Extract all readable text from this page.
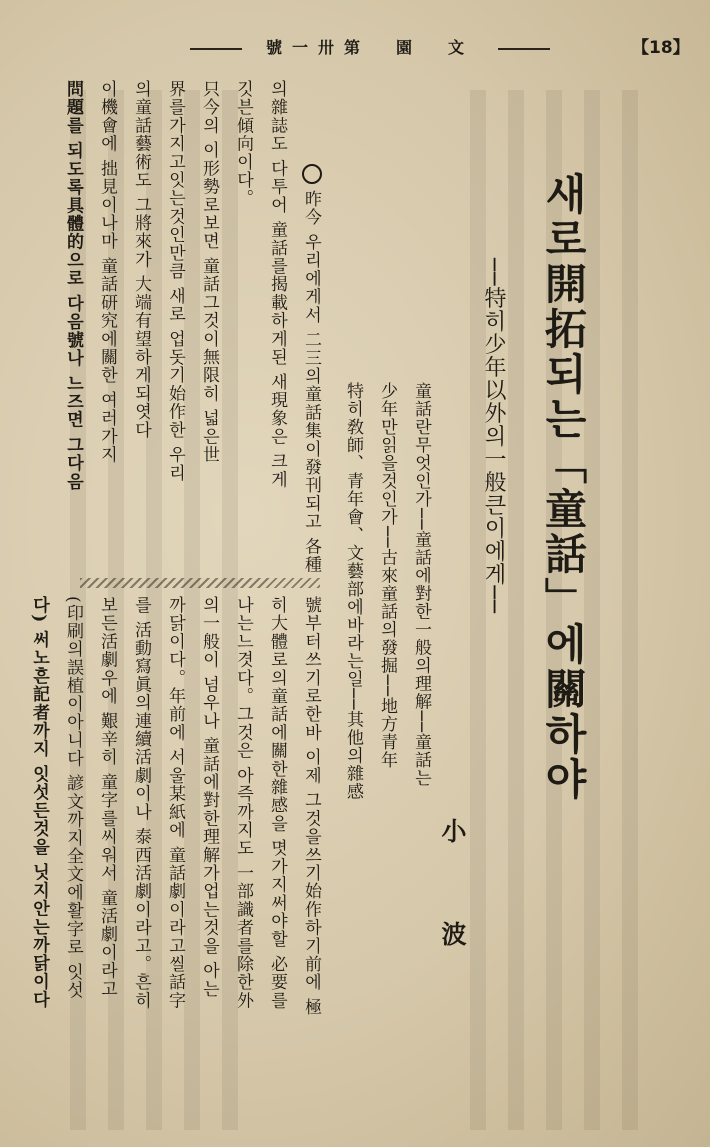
號一卅第　園　文	【18】
새로開拓되는「童話」에關하야
──特히少年以外의一般큰이에게──
童話란무엇인가──童話에對한一般의理解──童話는
少年만읽을것인가──古來童話의發掘──地方青年
特히敎師、青年會、文藝部에바라는일──其他의雜感
小波
昨今 우리에게서 二三의童話集이發刊되고 各種
의雜誌도 다투어 童話를揭載하게된 새現象은 크게
깃븐傾向이다。
只今의 이形勢로보면 童話그것이無限히 넓은世
界를가지고잇는것인만큼 새로 업돗기始作한 우리
의童話藝術도 그將來가 大端有望하게되엿다
이機會에 拙見이나마 童話研究에關한 여러가지
問題를 되도록具體的으로 다음號나 느즈면 그다음
號부터쓰기로한바 이제 그것을쓰기始作하기前에 極
히大體로의童話에關한雜感을 몃가지써야할 必要를
나는느겻다。그것은 아즉까지도 一部識者를除한外
의一般이 넘우나 童話에對한理解가업는것을 아는
까닭이다。年前에 서울某紙에 童話劇이라고씰話字
를 活動寫眞의連續活劇이나 泰西活劇이라고。흔히
보든活劇우에 艱辛히 童字를씨워서 童活劇이라고
(印刷의誤植이아니다 諺文까지全文에활字로 잇섯
다) 써노흔記者까지 잇섯든것을 닛지안는까닭이다
